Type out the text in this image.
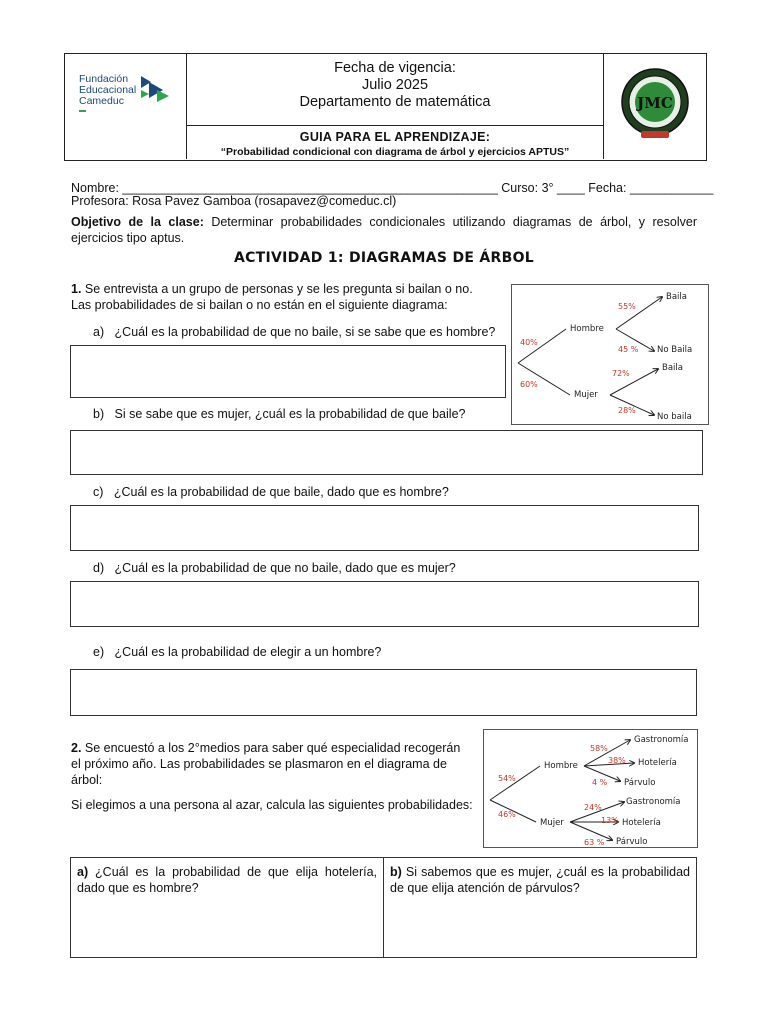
Fundación
Educacional
Cameduc
Fecha de vigencia:
Julio 2025
Departamento de matemática
GUIA PARA EL APRENDIZAJE:
“Probabilidad condicional con diagrama de árbol y ejercicios APTUS”
JMC
Nombre: ______________________________________________________ Curso: 3° ____ Fecha: ____________
Profesora: Rosa Pavez Gamboa (rosapavez@comeduc.cl)
Objetivo de la clase: Determinar probabilidades condicionales utilizando diagramas de árbol, y resolver ejercicios tipo aptus.
ACTIVIDAD 1: DIAGRAMAS DE ÁRBOL
1. Se entrevista a un grupo de personas y se les pregunta si bailan o no.
Las probabilidades de si bailan o no están en el siguiente diagrama:
a) ¿Cuál es la probabilidad de que no baile, si se sabe que es hombre?
b) Si se sabe que es mujer, ¿cuál es la probabilidad de que baile?
c) ¿Cuál es la probabilidad de que baile, dado que es hombre?
d) ¿Cuál es la probabilidad de que no baile, dado que es mujer?
e) ¿Cuál es la probabilidad de elegir a un hombre?
Hombre
Mujer
40%
60%
55%
Baila
45 % No Baila
72%
Baila
28%
No baila
2. Se encuestó a los 2°medios para saber qué especialidad recogerán
el próximo año. Las probabilidades se plasmaron en el diagrama de
árbol:
Si elegimos a una persona al azar, calcula las siguientes probabilidades:
Hombre
Mujer
54%
46%
58%
Gastronomía
38% Hotelería
4 % Párvulo
24%
Gastronomía
13% Hotelería
63 % Párvulo
a) ¿Cuál es la probabilidad de que elija hotelería, dado que es hombre?
b) Si sabemos que es mujer, ¿cuál es la probabilidad de que elija atención de párvulos?
